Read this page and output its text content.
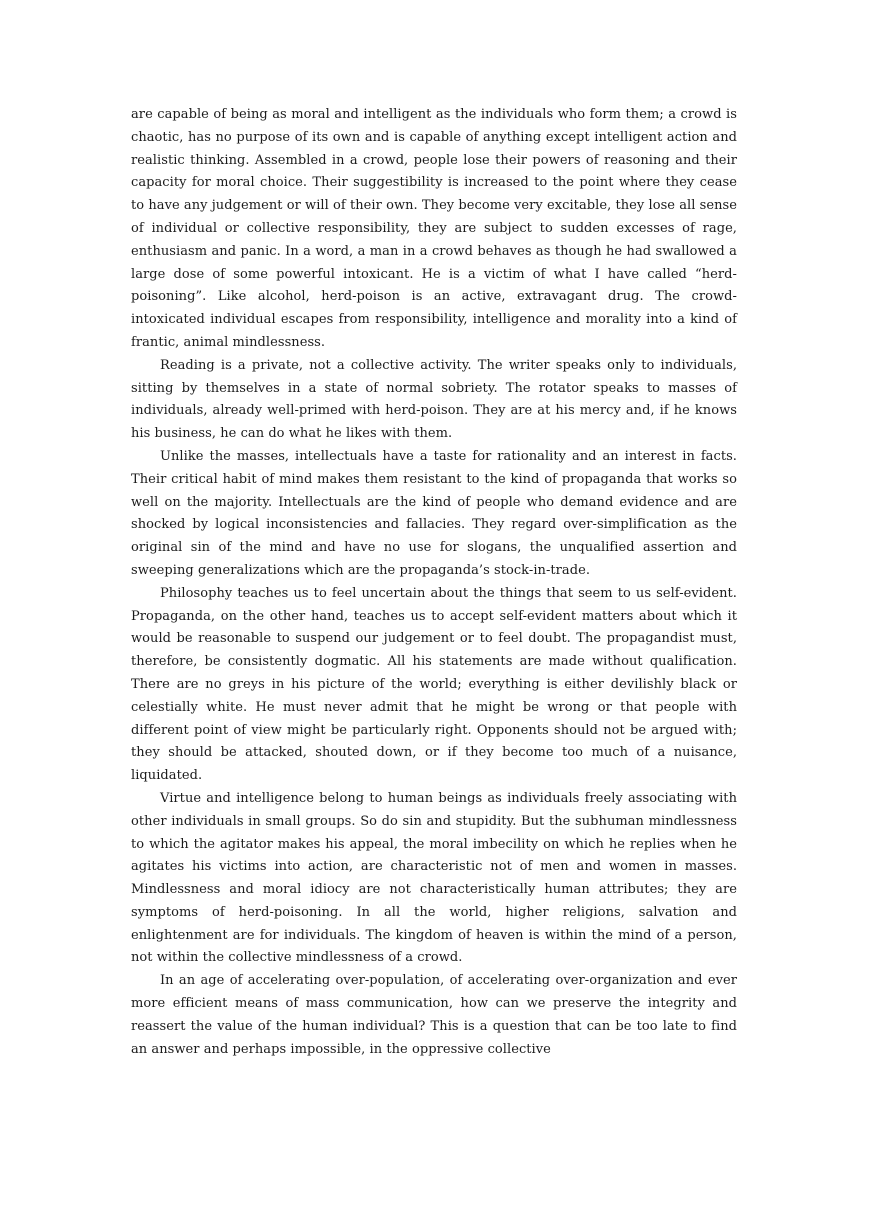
are capable of being as moral and intelligent as the individuals who form them; a crowd is chaotic, has no purpose of its own and is capable of anything except intelligent action and realistic thinking. Assembled in a crowd, people lose their powers of reasoning and their capacity for moral choice. Their suggestibility is increased to the point where they cease to have any judgement or will of their own. They become very excitable, they lose all sense of individual or collective responsibility, they are subject to sudden excesses of rage, enthusiasm and panic. In a word, a man in a crowd behaves as though he had swallowed a large dose of some powerful intoxicant. He is a victim of what I have called “herd-poisoning”. Like alcohol, herd-poison is an active, extravagant drug. The crowd-intoxicated individual escapes from responsibility, intelligence and morality into a kind of frantic, animal mindlessness.

Reading is a private, not a collective activity. The writer speaks only to individuals, sitting by themselves in a state of normal sobriety. The rotator speaks to masses of individuals, already well-primed with herd-poison. They are at his mercy and, if he knows his business, he can do what he likes with them.

Unlike the masses, intellectuals have a taste for rationality and an interest in facts. Their critical habit of mind makes them resistant to the kind of propaganda that works so well on the majority. Intellectuals are the kind of people who demand evidence and are shocked by logical inconsistencies and fallacies. They regard over-simplification as the original sin of the mind and have no use for slogans, the unqualified assertion and sweeping generalizations which are the propaganda’s stock-in-trade.

Philosophy teaches us to feel uncertain about the things that seem to us self-evident. Propaganda, on the other hand, teaches us to accept self-evident matters about which it would be reasonable to suspend our judgement or to feel doubt. The propagandist must, therefore, be consistently dogmatic. All his statements are made without qualification. There are no greys in his picture of the world; everything is either devilishly black or celestially white. He must never admit that he might be wrong or that people with different point of view might be particularly right. Opponents should not be argued with; they should be attacked, shouted down, or if they become too much of a nuisance, liquidated.

Virtue and intelligence belong to human beings as individuals freely associating with other individuals in small groups. So do sin and stupidity. But the subhuman mindlessness to which the agitator makes his appeal, the moral imbecility on which he replies when he agitates his victims into action, are characteristic not of men and women in masses. Mindlessness and moral idiocy are not characteristically human attributes; they are symptoms of herd-poisoning. In all the world, higher religions, salvation and enlightenment are for individuals. The kingdom of heaven is within the mind of a person, not within the collective mindlessness of a crowd.

In an age of accelerating over-population, of accelerating over-organization and ever more efficient means of mass communication, how can we preserve the integrity and reassert the value of the human individual? This is a question that can be too late to find an answer and perhaps impossible, in the oppressive collective
